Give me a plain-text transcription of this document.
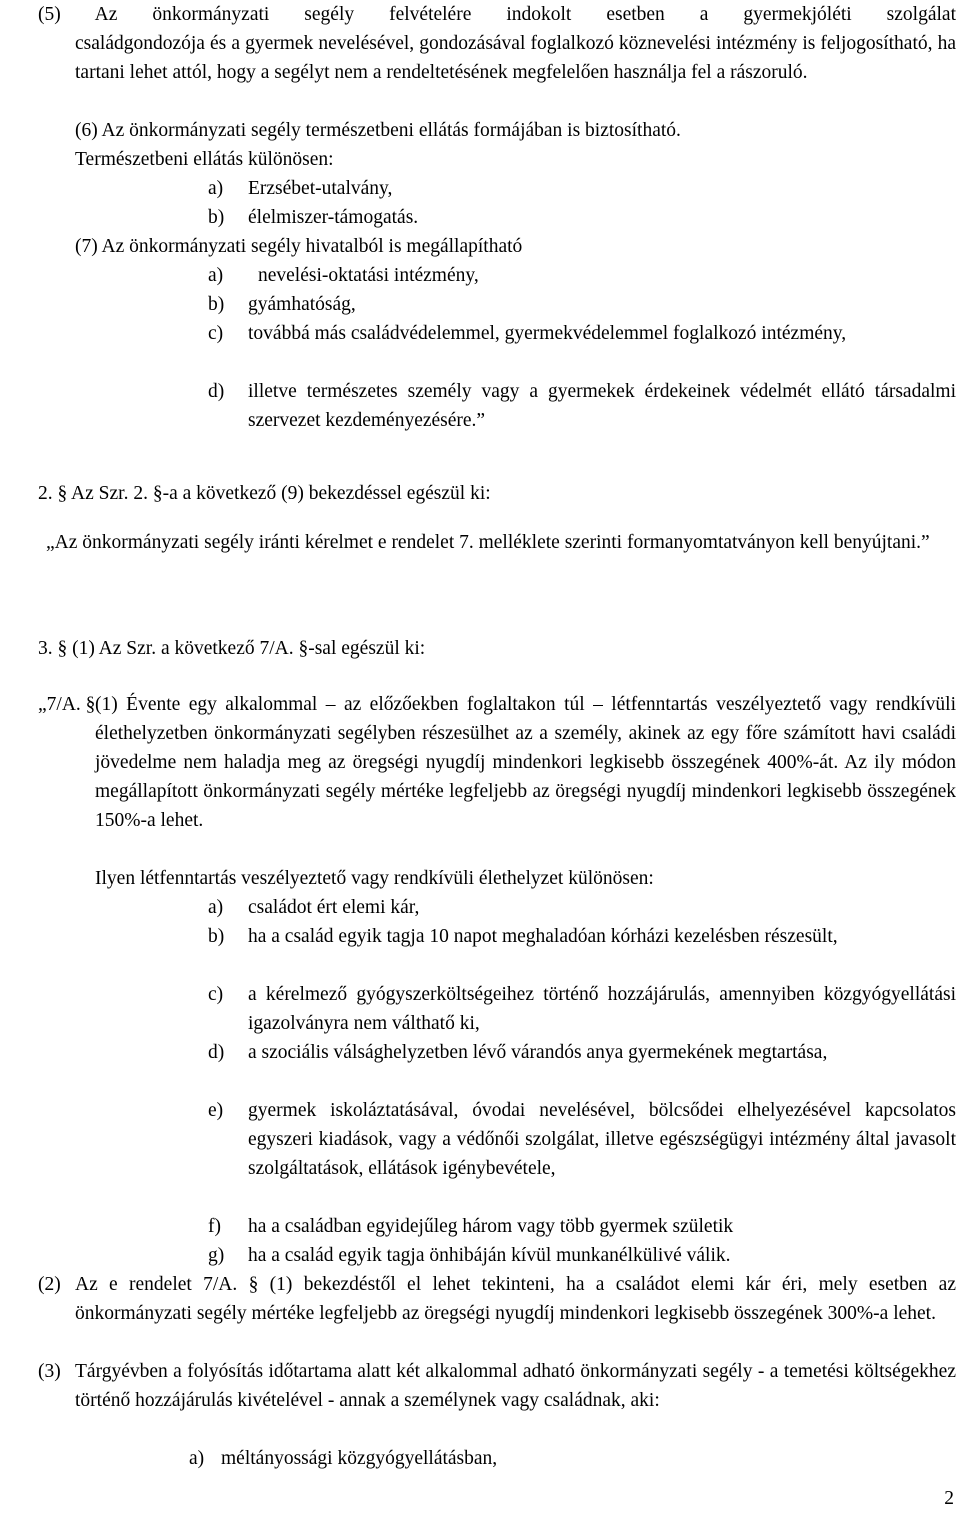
(5) Az önkormányzati segély felvételére indokolt esetben a gyermekjóléti szolgálat

családgondozója és a gyermek nevelésével, gondozásával foglalkozó köznevelési intézmény is feljogosítható, ha tartani lehet attól, hogy a segélyt nem a rendeltetésének megfelelően használja fel a rászoruló.

(6) Az önkormányzati segély természetbeni ellátás formájában is biztosítható.

Természetbeni ellátás különösen:

a) Erzsébet-utalvány,
b) élelmiszer-támogatás.

(7) Az önkormányzati segély hivatalból is megállapítható

a) nevelési-oktatási intézmény,
b) gyámhatóság,
c) továbbá más családvédelemmel, gyermekvédelemmel foglalkozó intézmény,
d) illetve természetes személy vagy a gyermekek érdekeinek védelmét ellátó társadalmi szervezet kezdeményezésére.”

2. § Az Szr. 2. §-a a következő (9) bekezdéssel egészül ki:

„Az önkormányzati segély iránti kérelmet e rendelet 7. melléklete szerinti formanyomtatványon kell benyújtani.”

3. § (1) Az Szr. a következő 7/A. §-sal egészül ki:

„7/A. § (1) Évente egy alkalommal – az előzőekben foglaltakon túl – létfenntartás veszélyeztető vagy rendkívüli élethelyzetben önkormányzati segélyben részesülhet az a személy, akinek az egy főre számított havi családi jövedelme nem haladja meg az öregségi nyugdíj mindenkori legkisebb összegének 400%-át. Az ily módon megállapított önkormányzati segély mértéke legfeljebb az öregségi nyugdíj mindenkori legkisebb összegének 150%-a lehet.

Ilyen létfenntartás veszélyeztető vagy rendkívüli élethelyzet különösen:

a) családot ért elemi kár,
b) ha a család egyik tagja 10 napot meghaladóan kórházi kezelésben részesült,
c) a kérelmező gyógyszerköltségeihez történő hozzájárulás, amennyiben közgyógyellátási igazolványra nem válthatő ki,
d) a szociális válsághelyzetben lévő várandós anya gyermekének megtartása,
e) gyermek iskoláztatásával, óvodai nevelésével, bölcsődei elhelyezésével kapcsolatos egyszeri kiadások, vagy a védőnői szolgálat, illetve egészségügyi intézmény által javasolt szolgáltatások, ellátások igénybevétele,
f) ha a családban egyidejűleg három vagy több gyermek születik
g) ha a család egyik tagja önhibáján kívül munkanélkülivé válik.
(2) Az e rendelet 7/A. § (1) bekezdéstől el lehet tekinteni, ha a családot elemi kár éri, mely esetben az önkormányzati segély mértéke legfeljebb az öregségi nyugdíj mindenkori legkisebb összegének 300%-a lehet.
(3) Tárgyévben a folyósítás időtartama alatt két alkalommal adható önkormányzati segély - a temetési költségekhez történő hozzájárulás kivételével - annak a személynek vagy családnak, aki:
a) méltányossági közgyógyellátásban,
2
